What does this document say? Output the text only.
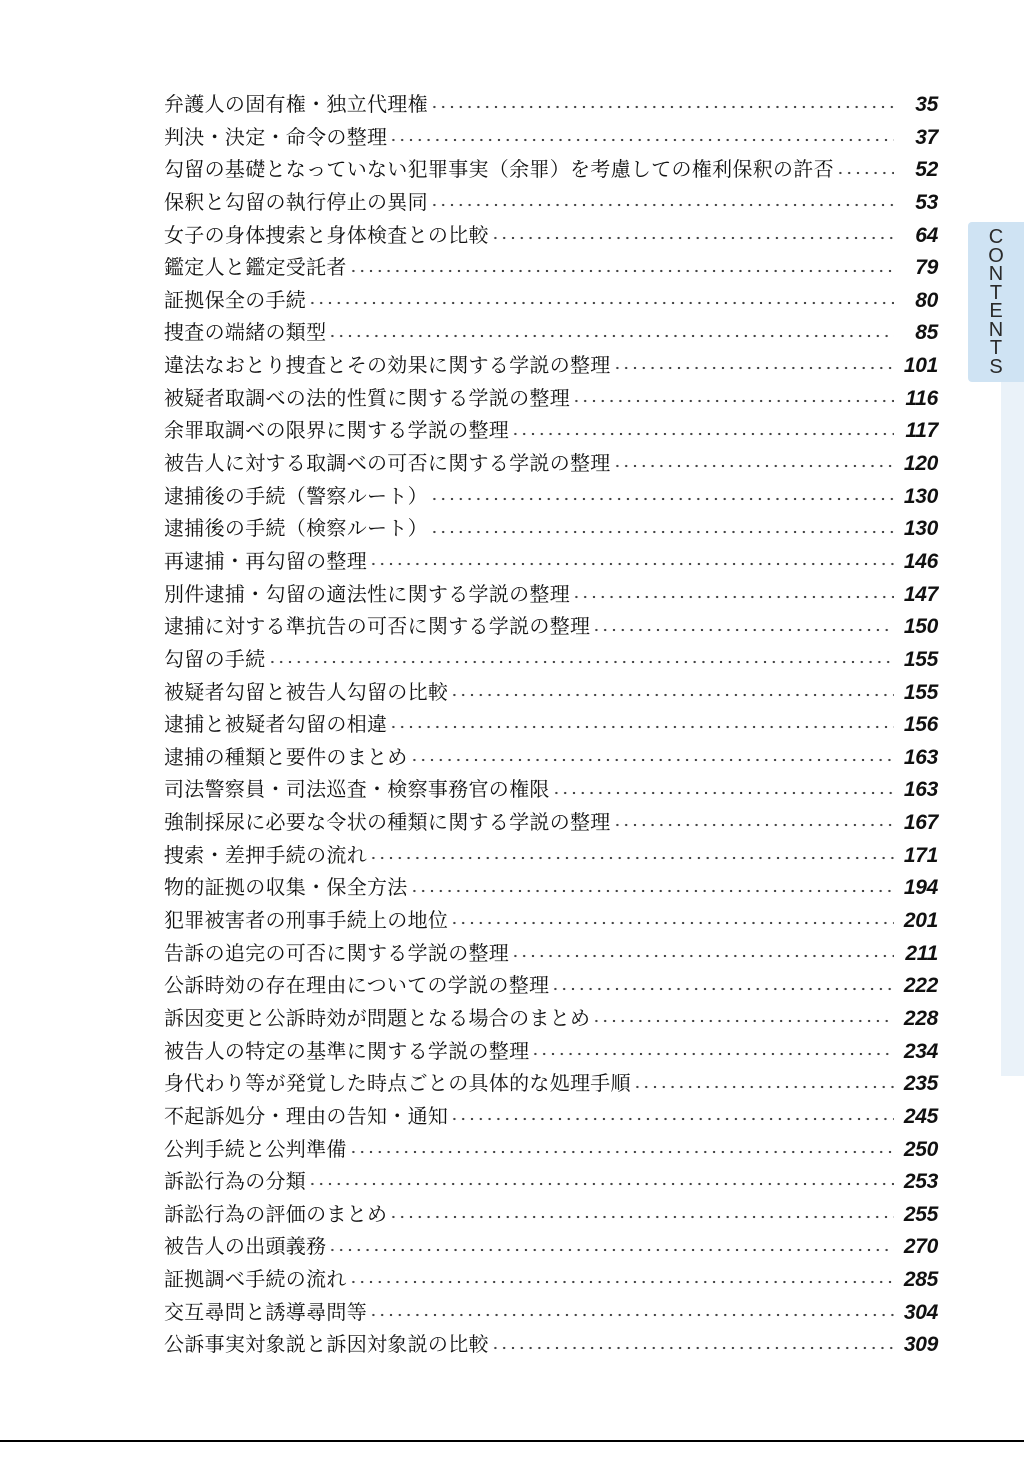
弁護人の固有権・独立代理権	35
判決・決定・命令の整理	37
勾留の基礎となっていない犯罪事実（余罪）を考慮しての権利保釈の許否	52
保釈と勾留の執行停止の異同	53
女子の身体捜索と身体検査との比較	64
鑑定人と鑑定受託者	79
証拠保全の手続	80
捜査の端緒の類型	85
違法なおとり捜査とその効果に関する学説の整理	101
被疑者取調べの法的性質に関する学説の整理	116
余罪取調べの限界に関する学説の整理	117
被告人に対する取調べの可否に関する学説の整理	120
逮捕後の手続（警察ルート）	130
逮捕後の手続（検察ルート）	130
再逮捕・再勾留の整理	146
別件逮捕・勾留の適法性に関する学説の整理	147
逮捕に対する準抗告の可否に関する学説の整理	150
勾留の手続	155
被疑者勾留と被告人勾留の比較	155
逮捕と被疑者勾留の相違	156
逮捕の種類と要件のまとめ	163
司法警察員・司法巡査・検察事務官の権限	163
強制採尿に必要な令状の種類に関する学説の整理	167
捜索・差押手続の流れ	171
物的証拠の収集・保全方法	194
犯罪被害者の刑事手続上の地位	201
告訴の追完の可否に関する学説の整理	211
公訴時効の存在理由についての学説の整理	222
訴因変更と公訴時効が問題となる場合のまとめ	228
被告人の特定の基準に関する学説の整理	234
身代わり等が発覚した時点ごとの具体的な処理手順	235
不起訴処分・理由の告知・通知	245
公判手続と公判準備	250
訴訟行為の分類	253
訴訟行為の評価のまとめ	255
被告人の出頭義務	270
証拠調べ手続の流れ	285
交互尋問と誘導尋問等	304
公訴事実対象説と訴因対象説の比較	309
C
O
N
T
E
N
T
S
